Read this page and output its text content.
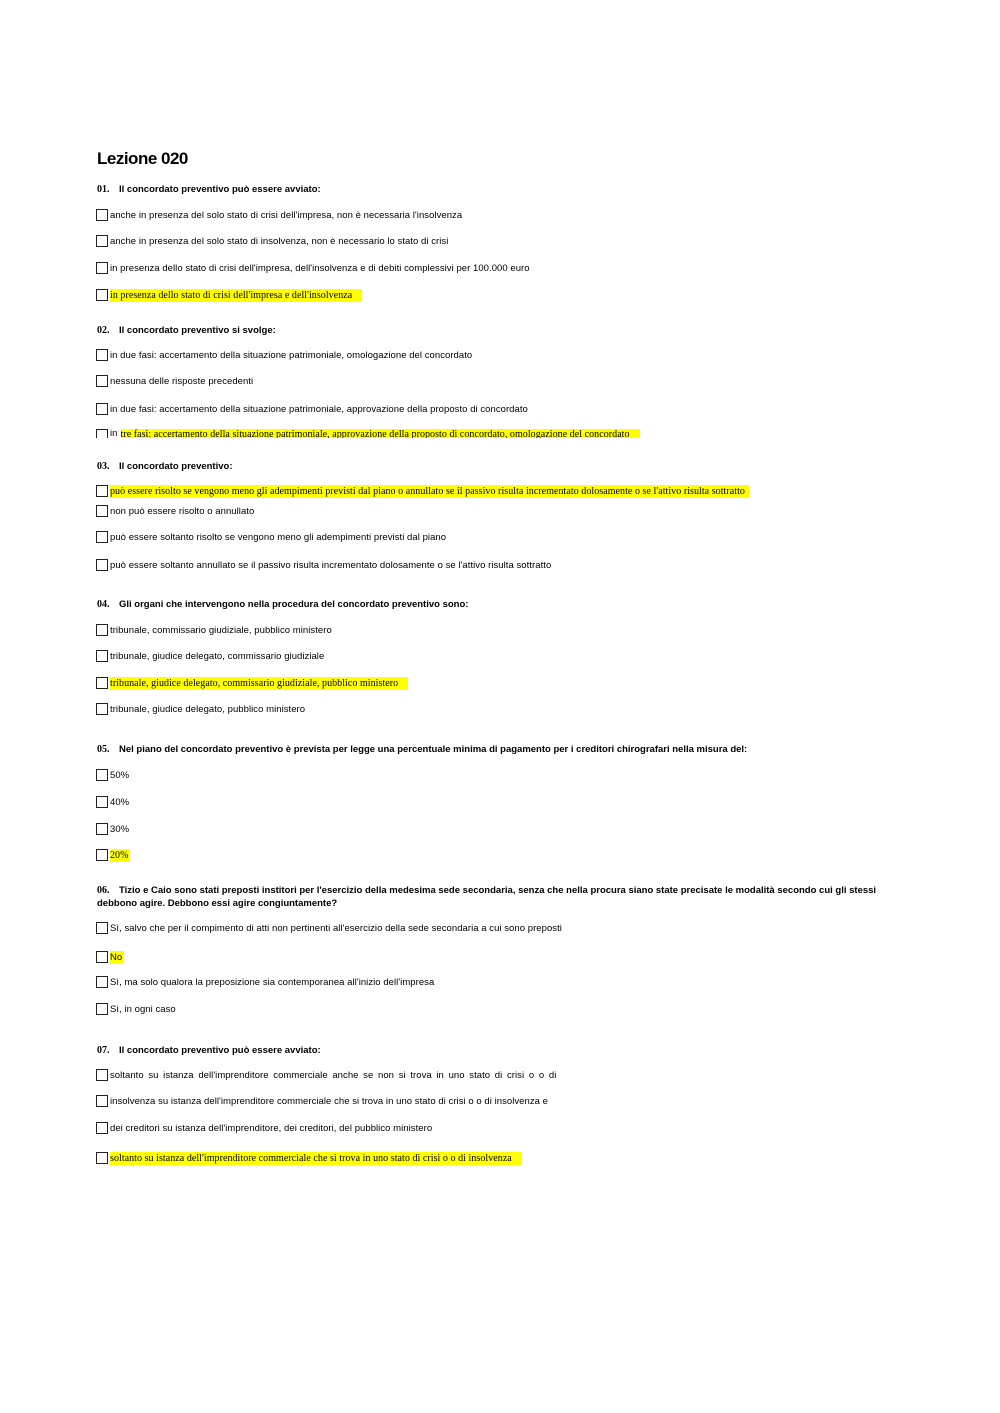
Lezione 020
01. Il concordato preventivo può essere avviato:
anche in presenza del solo stato di crisi dell'impresa, non è necessaria l'insolvenza
anche in presenza del solo stato di insolvenza, non è necessario lo stato di crisi
in presenza dello stato di crisi dell'impresa, dell'insolvenza e di debiti complessivi per 100.000 euro
in presenza dello stato di crisi dell'impresa e dell'insolvenza
02. Il concordato preventivo si svolge:
in due fasi: accertamento della situazione patrimoniale, omologazione del concordato
nessuna delle risposte precedenti
in due fasi: accertamento della situazione patrimoniale, approvazione della proposto di concordato
in tre fasi: accertamento della situazione patrimoniale, approvazione della proposto di concordato, omologazione del concordato
03. Il concordato preventivo:
può essere risolto se vengono meno gli adempimenti previsti dal piano o annullato se il passivo risulta incrementato dolosamente o se l'attivo risulta sottratto
non può essere risolto o annullato
può essere soltanto risolto se vengono meno gli adempimenti previsti dal piano
può essere soltanto annullato se il passivo risulta incrementato dolosamente o se l'attivo risulta sottratto
04. Gli organi che intervengono nella procedura del concordato preventivo sono:
tribunale, commissario giudiziale, pubblico ministero
tribunale, giudice delegato, commissario giudiziale
tribunale, giudice delegato, commissario giudiziale, pubblico ministero
tribunale, giudice delegato, pubblico ministero
05. Nel piano del concordato preventivo è prevista per legge una percentuale minima di pagamento per i creditori chirografari nella misura del:
50%
40%
30%
20%
06. Tizio e Caio sono stati preposti institori per l'esercizio della medesima sede secondaria, senza che nella procura siano state precisate le modalità secondo cui gli stessi debbono agire. Debbono essi agire congiuntamente?
Sì, salvo che per il compimento di atti non pertinenti all'esercizio della sede secondaria a cui sono preposti
No
Sì, ma solo qualora la preposizione sia contemporanea all'inizio dell'impresa
Sì, in ogni caso
07. Il concordato preventivo può essere avviato:
soltanto su istanza dell'imprenditore commerciale anche se non si trova in uno stato di crisi o o di
insolvenza su istanza dell'imprenditore commerciale che si trova in uno stato di crisi o o di insolvenza e
dei creditori su istanza dell'imprenditore, dei creditori, del pubblico ministero
soltanto su istanza dell'imprenditore commerciale che si trova in uno stato di crisi o o di insolvenza
